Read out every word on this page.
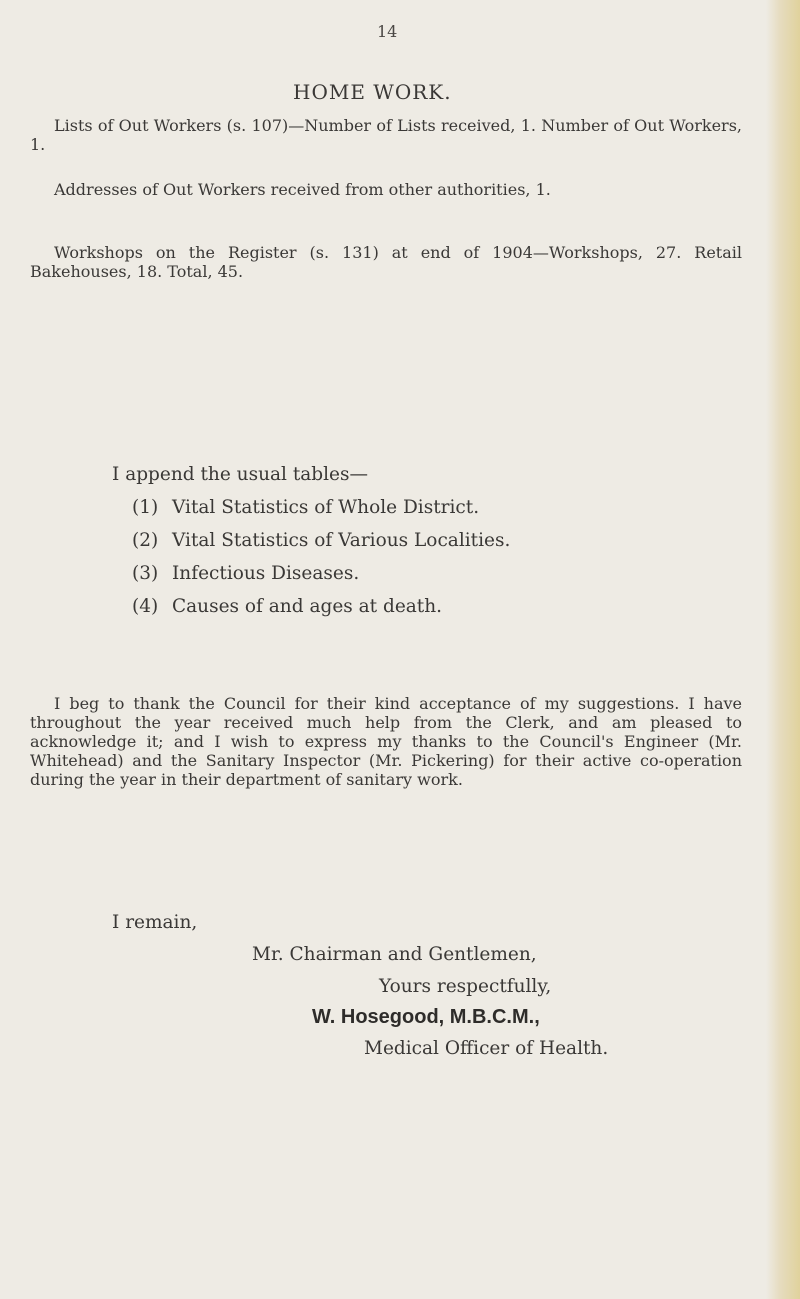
14
HOME WORK.

Lists of Out Workers (s. 107)—Number of Lists received, 1. Number of Out Workers, 1.

Addresses of Out Workers received from other authorities, 1.

Workshops on the Register (s. 131) at end of 1904—Workshops, 27. Retail Bakehouses, 18. Total, 45.

I append the usual tables—
(1) Vital Statistics of Whole District.
(2) Vital Statistics of Various Localities.
(3) Infectious Diseases.
(4) Causes of and ages at death.
I remain,
Mr. Chairman and Gentlemen,
Yours respectfully,
W. Hosegood, M.B.C.M.,
Medical Officer of Health.

I beg to thank the Council for their kind acceptance of my suggestions. I have throughout the year received much help from the Clerk, and am pleased to acknowledge it; and I wish to express my thanks to the Council's Engineer (Mr. Whitehead) and the Sanitary Inspector (Mr. Pickering) for their active co-operation during the year in their department of sanitary work.
